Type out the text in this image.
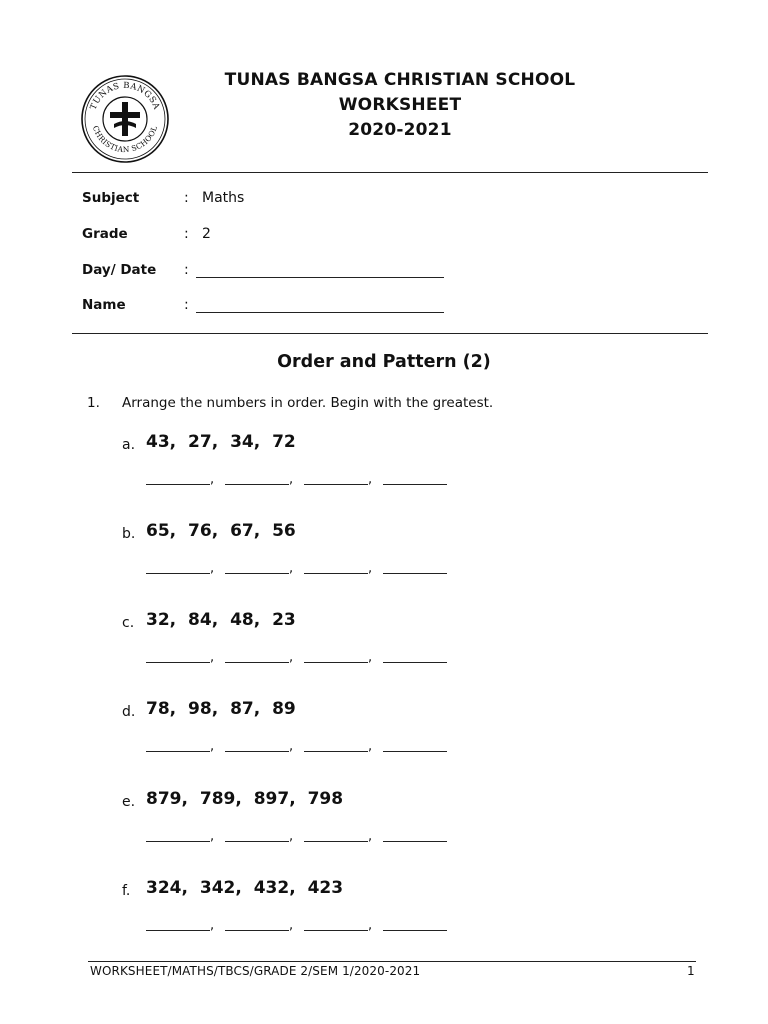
TUNAS BANGSA
CHRISTIAN SCHOOL
TUNAS BANGSA CHRISTIAN SCHOOL
WORKSHEET
2020-2021
Subject	: Maths
Grade	: 2
Day/ Date :
Name	:
Order and Pattern (2)
1. Arrange the numbers in order. Begin with the greatest.
a. 43, 27, 34, 72
,	,	,
b. 65, 76, 67, 56
,	,	,
c. 32, 84, 48, 23
,	,	,
d. 78, 98, 87, 89
,	,	,
e. 879, 789, 897, 798
,	,	,
f. 324, 342, 432, 423
,	,	,
WORKSHEET/MATHS/TBCS/GRADE 2/SEM 1/2020-2021	1
